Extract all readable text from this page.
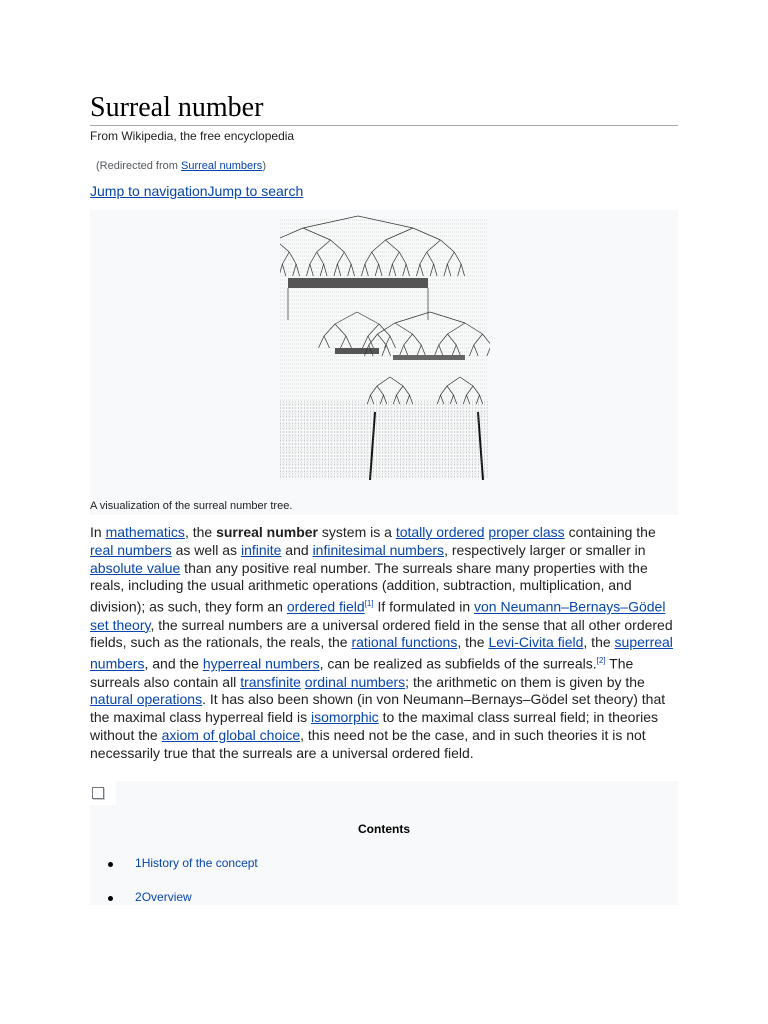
Surreal number
From Wikipedia, the free encyclopedia
(Redirected from Surreal numbers)
Jump to navigationJump to search
A visualization of the surreal number tree.

In mathematics, the surreal number system is a totally ordered proper class containing the real numbers as well as infinite and infinitesimal numbers, respectively larger or smaller in absolute value than any positive real number. The surreals share many properties with the reals, including the usual arithmetic operations (addition, subtraction, multiplication, and division); as such, they form an ordered field[1] If formulated in von Neumann–Bernays–Gödel set theory, the surreal numbers are a universal ordered field in the sense that all other ordered fields, such as the rationals, the reals, the rational functions, the Levi-Civita field, the superreal numbers, and the hyperreal numbers, can be realized as subfields of the surreals.[2] The surreals also contain all transfinite ordinal numbers; the arithmetic on them is given by the natural operations. It has also been shown (in von Neumann–Bernays–Gödel set theory) that the maximal class hyperreal field is isomorphic to the maximal class surreal field; in theories without the axiom of global choice, this need not be the case, and in such theories it is not necessarily true that the surreals are a universal ordered field.

Contents
1History of the concept
2Overview
